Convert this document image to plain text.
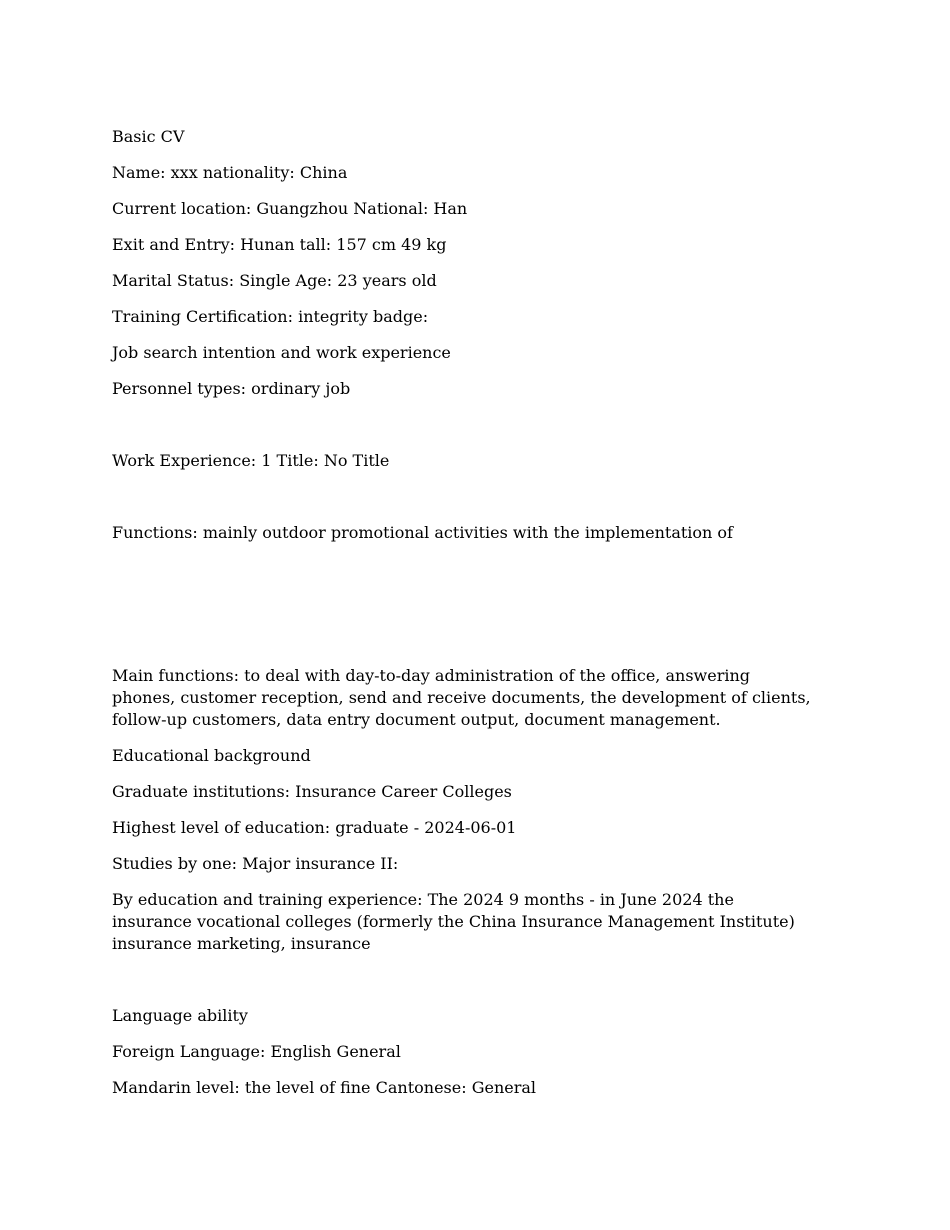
Basic CV

Name: xxx nationality: China

Current location: Guangzhou National: Han

Exit and Entry: Hunan tall: 157 cm 49 kg

Marital Status: Single Age: 23 years old

Training Certification: integrity badge:

Job search intention and work experience

Personnel types: ordinary job

Work Experience: 1 Title: No Title

Functions: mainly outdoor promotional activities with the implementation of

Main functions: to deal with day-to-day administration of the office, answering phones, customer reception, send and receive documents, the development of clients, follow-up customers, data entry document output, document management.

Educational background

Graduate institutions: Insurance Career Colleges

Highest level of education: graduate - 2024-06-01

Studies by one: Major insurance II:

By education and training experience: The 2024 9 months - in June 2024 the insurance vocational colleges (formerly the China Insurance Management Institute) insurance marketing, insurance

Language ability

Foreign Language: English General

Mandarin level: the level of fine Cantonese: General
